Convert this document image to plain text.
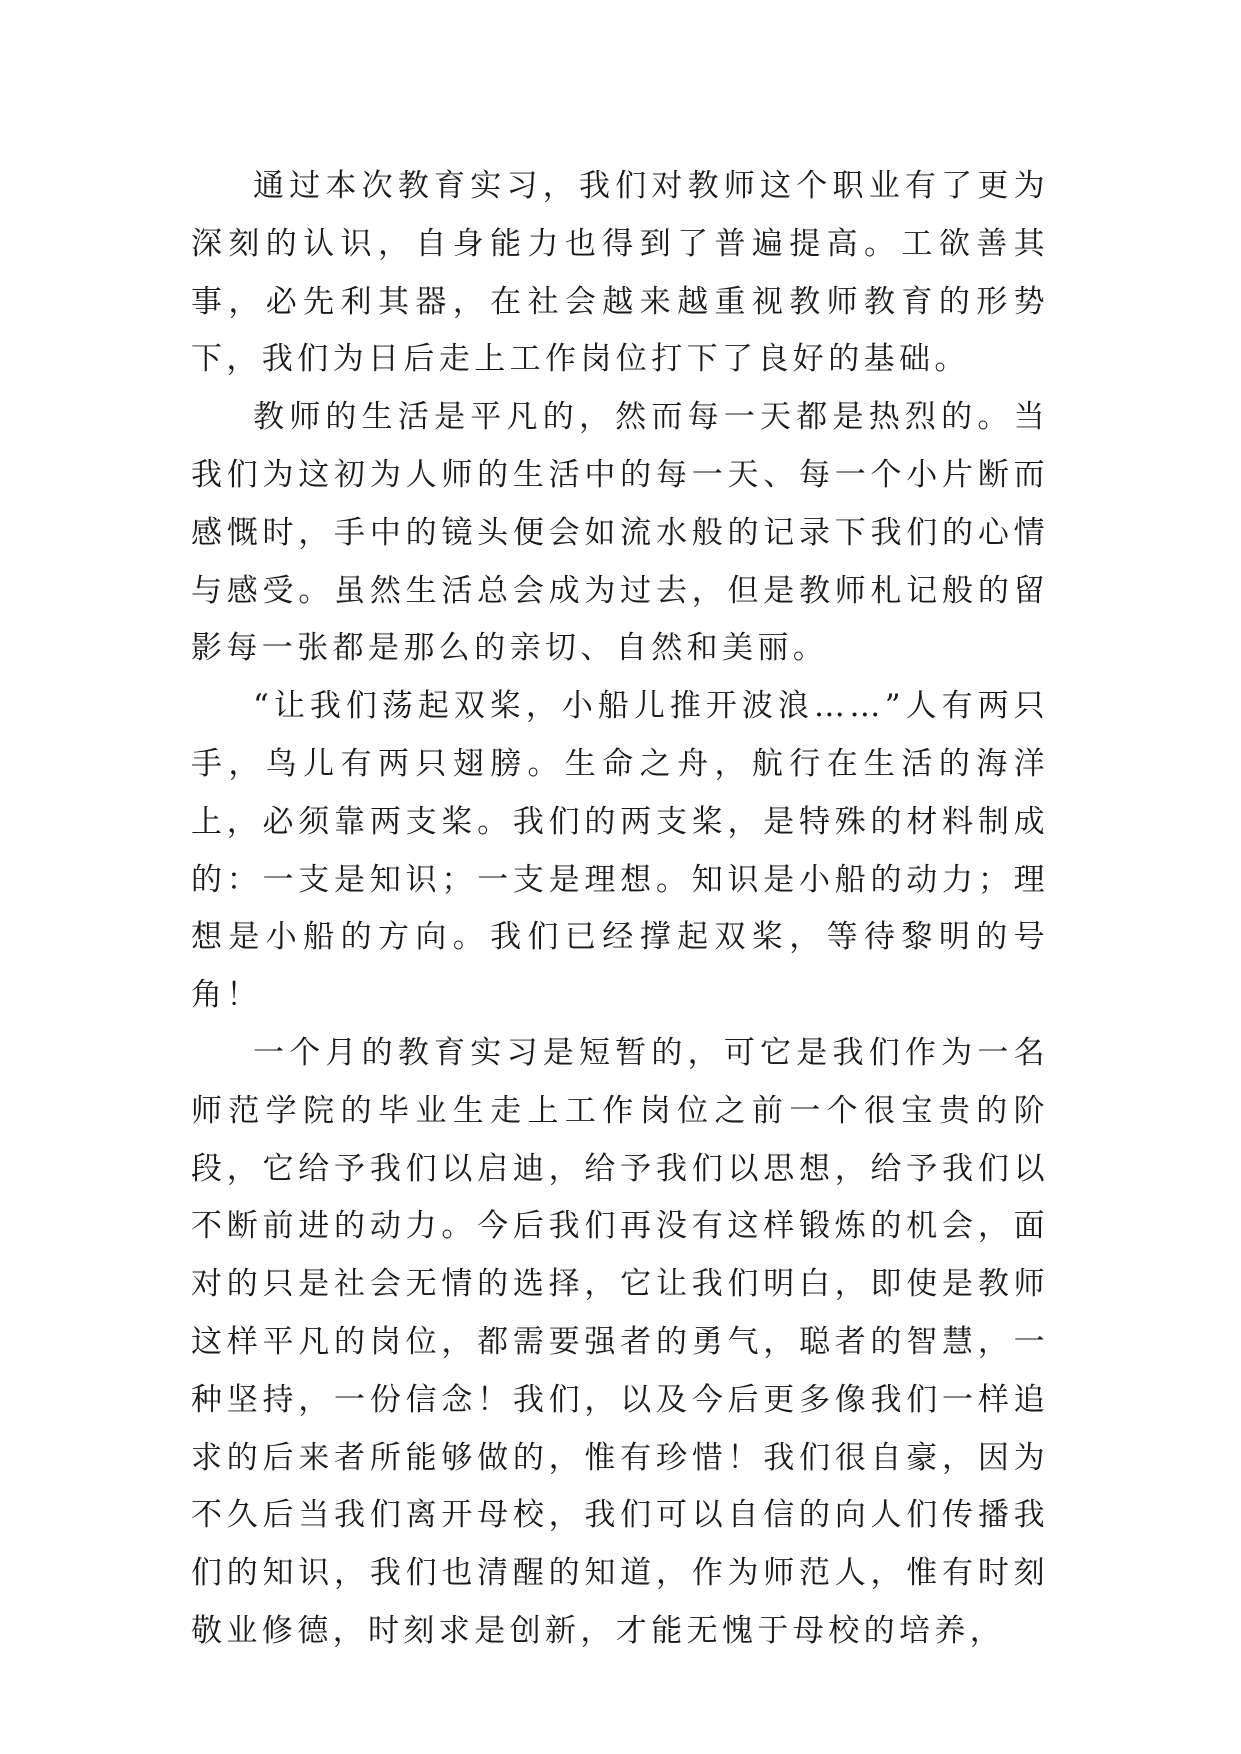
通过本次教育实习，我们对教师这个职业有了更为深刻的认识，自身能力也得到了普遍提高。工欲善其事，必先利其器，在社会越来越重视教师教育的形势下，我们为日后走上工作岗位打下了良好的基础。

教师的生活是平凡的，然而每一天都是热烈的。当我们为这初为人师的生活中的每一天、每一个小片断而感慨时，手中的镜头便会如流水般的记录下我们的心情与感受。虽然生活总会成为过去，但是教师札记般的留影每一张都是那么的亲切、自然和美丽。

“让我们荡起双桨，小船儿推开波浪……”人有两只手，鸟儿有两只翅膀。生命之舟，航行在生活的海洋上，必须靠两支桨。我们的两支桨，是特殊的材料制成的：一支是知识；一支是理想。知识是小船的动力；理想是小船的方向。我们已经撑起双桨，等待黎明的号角！

一个月的教育实习是短暂的，可它是我们作为一名师范学院的毕业生走上工作岗位之前一个很宝贵的阶段，它给予我们以启迪，给予我们以思想，给予我们以不断前进的动力。今后我们再没有这样锻炼的机会，面对的只是社会无情的选择，它让我们明白，即使是教师这样平凡的岗位，都需要强者的勇气，聪者的智慧，一种坚持，一份信念！我们，以及今后更多像我们一样追求的后来者所能够做的，惟有珍惜！我们很自豪，因为不久后当我们离开母校，我们可以自信的向人们传播我们的知识，我们也清醒的知道，作为师范人，惟有时刻敬业修德，时刻求是创新，才能无愧于母校的培养，
